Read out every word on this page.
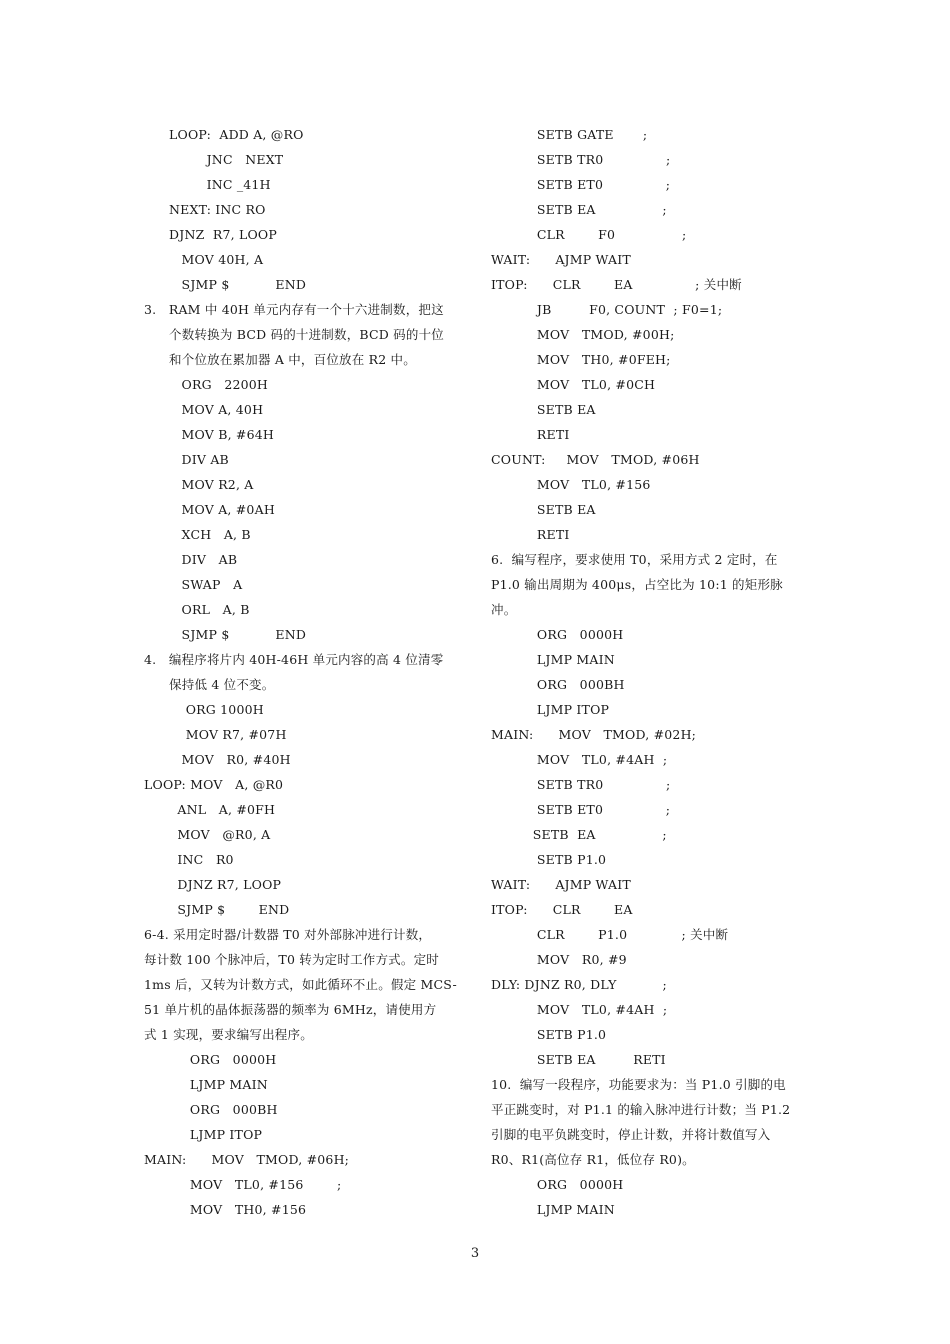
LOOP:  ADD A, @RO
JNC   NEXT
INC _41H
NEXT: INC RO
DJNZ  R7, LOOP
MOV 40H, A
SJMP $           END
3.   RAM 中 40H 单元内存有一个十六进制数，把这
个数转换为 BCD 码的十进制数，BCD 码的十位
和个位放在累加器 A 中，百位放在 R2 中。
ORG   2200H
MOV A, 40H
MOV B, #64H
DIV AB
MOV R2, A
MOV A, #0AH
XCH   A, B
DIV   AB
SWAP   A
ORL   A, B
SJMP $           END
4.   编程序将片内 40H-46H 单元内容的高 4 位清零
保持低 4 位不变。
ORG 1000H
MOV R7, #07H
MOV   R0, #40H
LOOP: MOV   A, @R0
ANL   A, #0FH
MOV   @R0, A
INC   R0
DJNZ R7, LOOP
SJMP $        END
6-4. 采用定时器/计数器 T0 对外部脉冲进行计数，
每计数 100 个脉冲后，T0 转为定时工作方式。定时
1ms 后，又转为计数方式，如此循环不止。假定 MCS-
51 单片机的晶体振荡器的频率为 6MHz，请使用方
式 1 实现，要求编写出程序。
ORG   0000H
LJMP MAIN
ORG   000BH
LJMP ITOP
MAIN:      MOV   TMOD, #06H;
MOV   TL0, #156        ;
MOV   TH0, #156
SETB GATE       ;
SETB TR0               ;
SETB ET0               ;
SETB EA                ;
CLR        F0                ;
WAIT:      AJMP WAIT
ITOP:      CLR        EA               ; 关中断
JB         F0, COUNT  ; F0=1;
MOV   TMOD, #00H;
MOV   TH0, #0FEH;
MOV   TL0, #0CH
SETB EA
RETI
COUNT:     MOV   TMOD, #06H
MOV   TL0, #156
SETB EA
RETI
6.  编写程序，要求使用 T0，采用方式 2 定时，在
P1.0 输出周期为 400μs，占空比为 10:1 的矩形脉
冲。
ORG   0000H
LJMP MAIN
ORG   000BH
LJMP ITOP
MAIN:      MOV   TMOD, #02H;
MOV   TL0, #4AH  ;
SETB TR0               ;
SETB ET0               ;
SETB  EA                ;
SETB P1.0
WAIT:      AJMP WAIT
ITOP:      CLR        EA
CLR        P1.0             ; 关中断
MOV   R0, #9
DLY: DJNZ R0, DLY           ;
MOV   TL0, #4AH  ;
SETB P1.0
SETB EA         RETI
10.  编写一段程序，功能要求为：当 P1.0 引脚的电
平正跳变时，对 P1.1 的输入脉冲进行计数；当 P1.2
引脚的电平负跳变时，停止计数，并将计数值写入
R0、R1(高位存 R1，低位存 R0)。
ORG   0000H
LJMP MAIN
3
